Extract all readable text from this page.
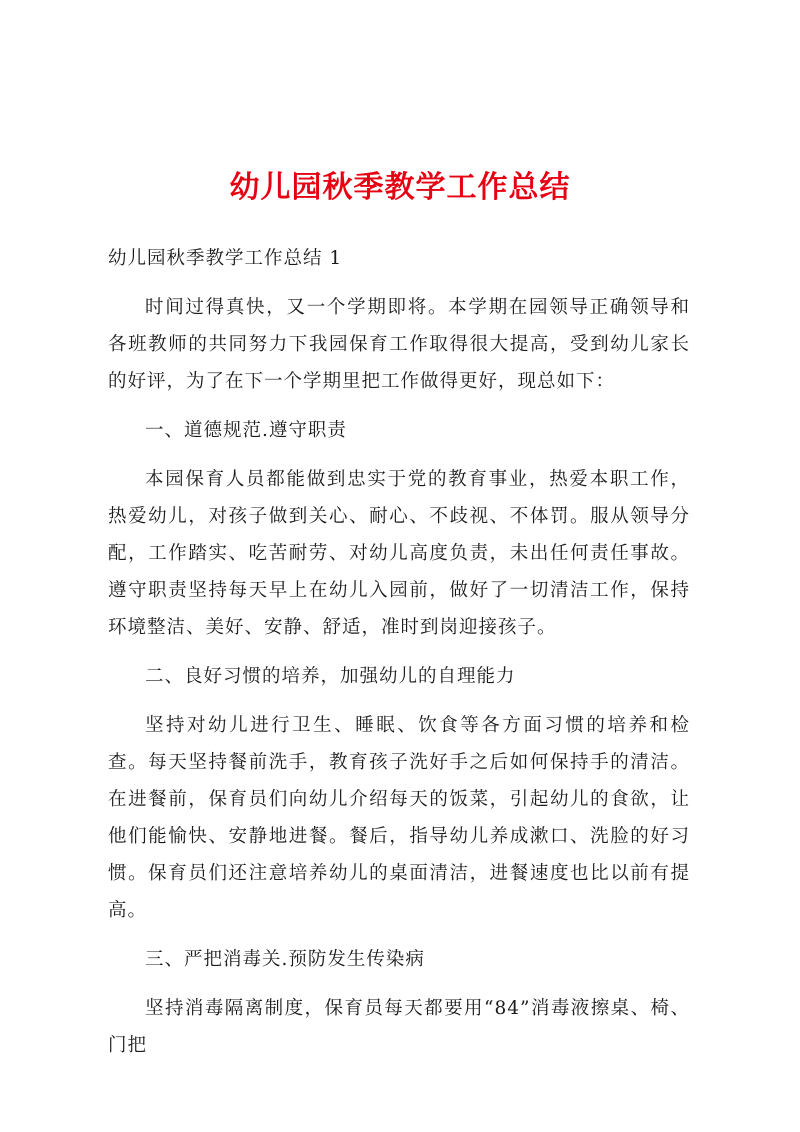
幼儿园秋季教学工作总结

幼儿园秋季教学工作总结 1

时间过得真快，又一个学期即将。本学期在园领导正确领导和各班教师的共同努力下我园保育工作取得很大提高，受到幼儿家长的好评，为了在下一个学期里把工作做得更好，现总如下：

一、道德规范.遵守职责

本园保育人员都能做到忠实于党的教育事业，热爱本职工作，热爱幼儿，对孩子做到关心、耐心、不歧视、不体罚。服从领导分配，工作踏实、吃苦耐劳、对幼儿高度负责，未出任何责任事故。遵守职责坚持每天早上在幼儿入园前，做好了一切清洁工作，保持环境整洁、美好、安静、舒适，准时到岗迎接孩子。

二、良好习惯的培养，加强幼儿的自理能力

坚持对幼儿进行卫生、睡眠、饮食等各方面习惯的培养和检查。每天坚持餐前洗手，教育孩子洗好手之后如何保持手的清洁。在进餐前，保育员们向幼儿介绍每天的饭菜，引起幼儿的食欲，让他们能愉快、安静地进餐。餐后，指导幼儿养成漱口、洗脸的好习惯。保育员们还注意培养幼儿的桌面清洁，进餐速度也比以前有提高。

三、严把消毒关.预防发生传染病

坚持消毒隔离制度，保育员每天都要用“84”消毒液擦桌、椅、门把
